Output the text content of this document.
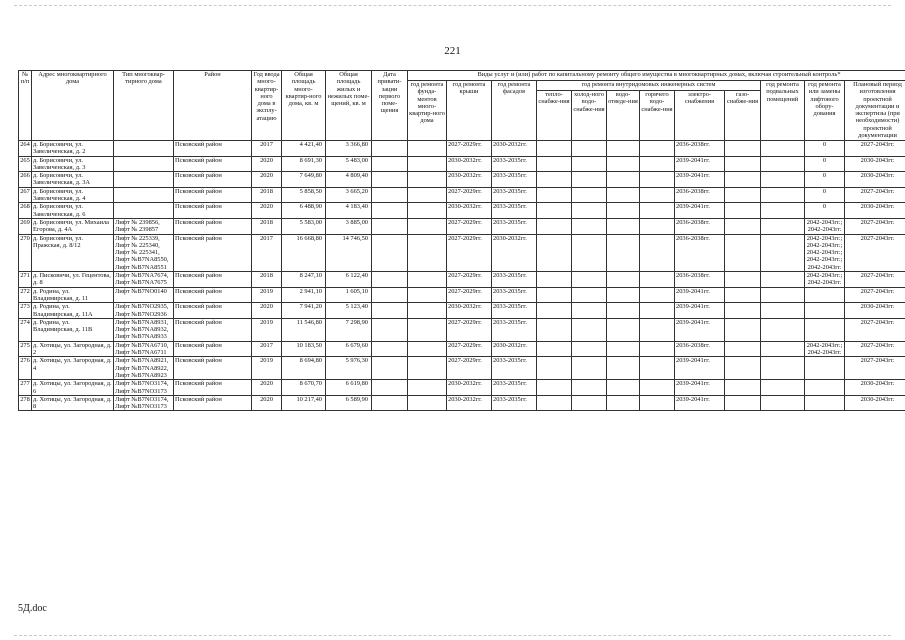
221
№ п/п	Адрес многоквартирного дома	Тип многоквар-тирного дома	Район	Год ввода много-квартир-ного дома в эксплу-атацию	Общая площадь много-квартир-ного дома, кв. м	Общая площадь жилых и нежилых поме-щений, кв. м	Дата привати-зации первого поме-щения	Виды услуг и (или) работ по капитальному ремонту общего имущества в многоквартирных домах, включая строительный контроль*											
								год ремонта фунда-ментов много-квартир-ного дома	год ремонта крыши	год ремонта фасадов	год ремонта внутридомовых инженерных систем						год ремонта подвальных помещений	год ремонта или замены лифтового обору-дования	Плановый период изготовления проектной документации и экспертизы (при необходимости) проектной документации
											тепло-снабже-ния	холод-ного водо-снабже-ния	водо-отведе-ния	горячего водо-снабже-ния	электро-снабжения	газо-снабже-ния			
264	д. Борисовичи, ул. Завеличенская, д. 2		Псковский район	2017	4 421,40	3 366,80			2027-2029гг.	2030-2032гг.					2036-2038гг.			0	2027-2043гг.
265	д. Борисовичи, ул. Завеличенская, д. 3		Псковский район	2020	8 691,30	5 483,00			2030-2032гг.	2033-2035гг.					2039-2041гг.			0	2030-2043гг.
266	д. Борисовичи, ул. Завеличенская, д. 3А		Псковский район	2020	7 649,80	4 809,40			2030-2032гг.	2033-2035гг.					2039-2041гг.			0	2030-2043гг.
267	д. Борисовичи, ул. Завеличенская, д. 4		Псковский район	2018	5 858,50	3 665,20			2027-2029гг.	2033-2035гг.					2036-2038гг.			0	2027-2043гг.
268	д. Борисовичи, ул. Завеличенская, д. 6		Псковский район	2020	6 488,90	4 183,40			2030-2032гг.	2033-2035гг.					2039-2041гг.			0	2030-2043гг.
269	д. Борисовичи, ул. Михаила Егорова, д. 4А	Лифт № 239856, Лифт № 239857	Псковский район	2018	5 583,00	3 885,00			2027-2029гг.	2033-2035гг.					2036-2038гг.			2042-2043гг.; 2042-2043гг.	2027-2043гг.
270	д. Борисовичи, ул. Пражская, д. 8/12	Лифт № 225339, Лифт № 225340, Лифт № 225341, Лифт №В7NA8550, Лифт №В7NA8551	Псковский район	2017	16 668,80	14 746,50			2027-2029гг.	2030-2032гг.					2036-2038гг.			2042-2043гг.; 2042-2043гг.; 2042-2043гг.; 2042-2043гг.; 2042-2043гг.	2027-2043гг.
271	д. Писковичи, ул. Гецентова, д. 8	Лифт №В7NA7674, Лифт №В7NA7675	Псковский район	2018	8 247,10	6 122,40			2027-2029гг.	2033-2035гг.					2036-2038гг.			2042-2043гг.; 2042-2043гг.	2027-2043гг.
272	д. Родина, ул. Владимирская, д. 11	Лифт №В7NO0140	Псковский район	2019	2 941,10	1 605,10			2027-2029гг.	2033-2035гг.					2039-2041гг.				2027-2043гг.
273	д. Родина, ул. Владимирская, д. 11А	Лифт №В7NO2935, Лифт №В7NO2936	Псковский район	2020	7 941,20	5 123,40			2030-2032гг.	2033-2035гг.					2039-2041гг.				2030-2043гг.
274	д. Родина, ул. Владимирская, д. 11В	Лифт №В7NA8931, Лифт №В7NA8932, Лифт №В7NA8933	Псковский район	2019	11 546,80	7 298,90			2027-2029гг.	2033-2035гг.					2039-2041гг.				2027-2043гг.
275	д. Хотицы, ул. Загородная, д. 2	Лифт №В7NA6710, Лифт №В7NA6711	Псковский район	2017	10 183,50	6 679,60			2027-2029гг.	2030-2032гг.					2036-2038гг.			2042-2043гг.; 2042-2043гг.	2027-2043гг.
276	д. Хотицы, ул. Загородная, д. 4	Лифт №В7NA8921, Лифт №В7NA8922, Лифт №В7NA8923	Псковский район	2019	8 694,80	5 976,30			2027-2029гг.	2033-2035гг.					2039-2041гг.				2027-2043гг.
277	д. Хотицы, ул. Загородная, д. 6	Лифт №В7NO3174, Лифт №В7NO3173	Псковский район	2020	8 670,70	6 619,80			2030-2032гг.	2033-2035гг.					2039-2041гг.				2030-2043гг.
278	д. Хотицы, ул. Загородная, д. 8	Лифт №В7NO3174, Лифт №В7NO3173	Псковский район	2020	10 217,40	6 589,90			2030-2032гг.	2033-2035гг.					2039-2041гг.				2030-2043гг.
5Д.doc
